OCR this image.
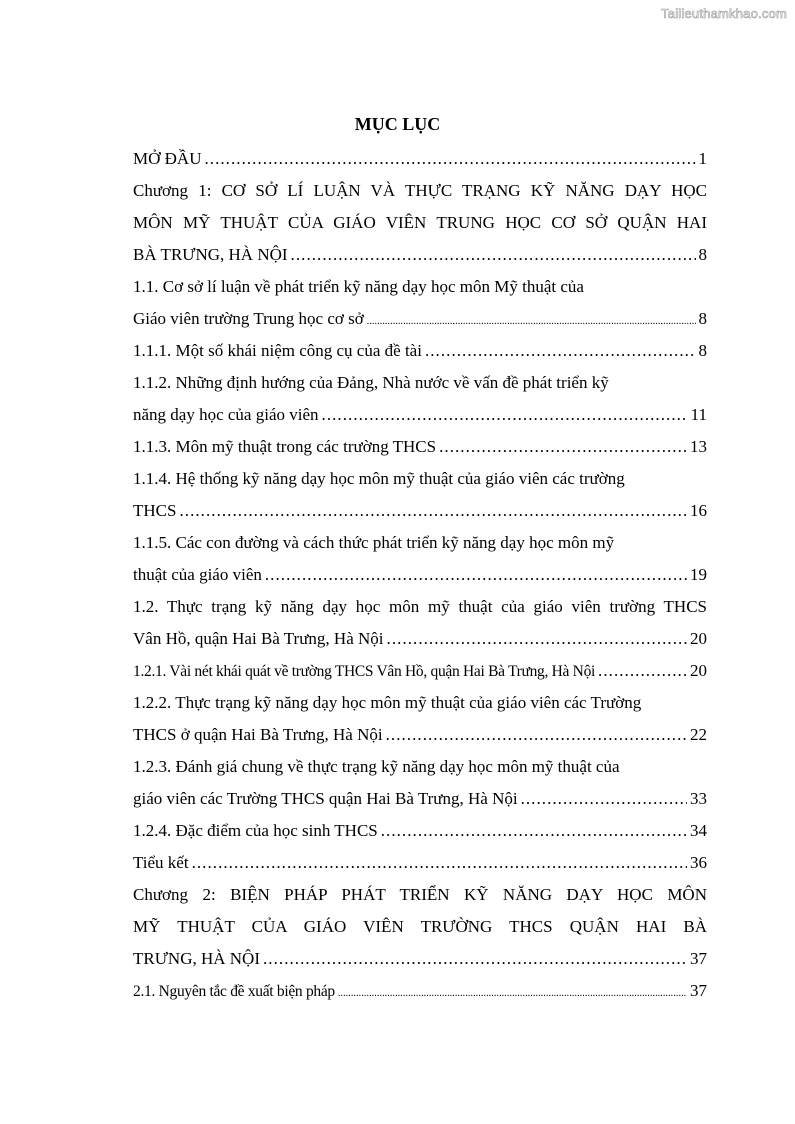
Tailieuthamkhao.com
MỤC LỤC
MỞ ĐẦU . . .	1
Chương 1: CƠ SỞ LÍ LUẬN VÀ THỰC TRẠNG KỸ NĂNG DẠY HỌC
MÔN MỸ THUẬT CỦA GIÁO VIÊN TRUNG HỌC CƠ SỞ QUẬN HAI
BÀ TRƯNG, HÀ NỘI . . .	8
1.1. Cơ sở lí luận về phát triển kỹ năng dạy học môn Mỹ thuật của
Giáo viên trường Trung học cơ sở . . .	8
1.1.1. Một số khái niệm công cụ của đề tài . . .	8
1.1.2. Những định hướng của Đảng, Nhà nước về vấn đề phát triển kỹ
năng dạy học của giáo viên . . .	11
1.1.3. Môn mỹ thuật trong các trường THCS . . .	13
1.1.4. Hệ thống kỹ năng dạy học môn mỹ thuật của giáo viên các trường
THCS . . .	16
1.1.5. Các con đường và cách thức phát triển kỹ năng dạy học môn mỹ
thuật của giáo viên . . .	19
1.2. Thực trạng kỹ năng dạy học môn mỹ thuật của giáo viên trường THCS
Vân Hồ, quận Hai Bà Trưng, Hà Nội . . .	20
1.2.1. Vài nét khái quát về trường THCS Vân Hồ, quận Hai Bà Trưng, Hà Nội . . .	20
1.2.2. Thực trạng kỹ năng dạy học môn mỹ thuật của giáo viên các Trường
THCS ở quận Hai Bà Trưng, Hà Nội . . .	22
1.2.3. Đánh giá chung về thực trạng kỹ năng dạy học môn mỹ thuật của
giáo viên các Trường THCS quận Hai Bà Trưng, Hà Nội . . .	33
1.2.4. Đặc điểm của học sinh THCS . . .	34
Tiểu kết . . .	36
Chương 2: BIỆN PHÁP PHÁT TRIỂN KỸ NĂNG DẠY HỌC MÔN
MỸ THUẬT CỦA GIÁO VIÊN TRƯỜNG THCS QUẬN HAI BÀ
TRƯNG, HÀ NỘI . . .	37
2.1. Nguyên tắc đề xuất biện pháp . . .	37
